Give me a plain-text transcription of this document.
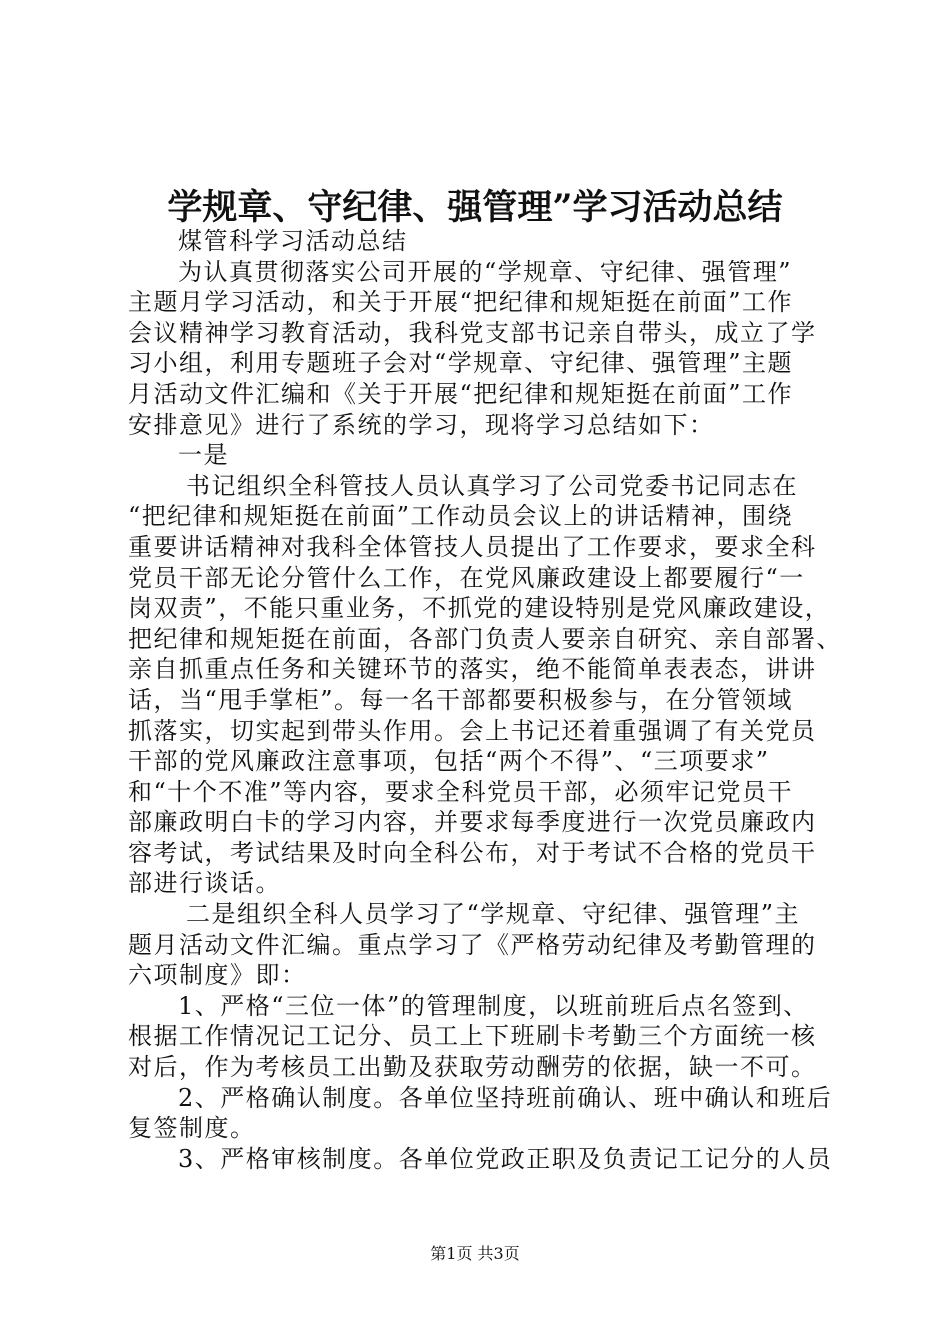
学规章、守纪律、强管理”学习活动总结
煤管科学习活动总结
为认真贯彻落实公司开展的“学规章、守纪律、强管理”
主题月学习活动，和关于开展“把纪律和规矩挺在前面”工作
会议精神学习教育活动，我科党支部书记亲自带头，成立了学
习小组，利用专题班子会对“学规章、守纪律、强管理”主题
月活动文件汇编和《关于开展“把纪律和规矩挺在前面”工作
安排意见》进行了系统的学习，现将学习总结如下：
一是
书记组织全科管技人员认真学习了公司党委书记同志在
“把纪律和规矩挺在前面”工作动员会议上的讲话精神，围绕
重要讲话精神对我科全体管技人员提出了工作要求，要求全科
党员干部无论分管什么工作，在党风廉政建设上都要履行“一
岗双责”，不能只重业务，不抓党的建设特别是党风廉政建设，
把纪律和规矩挺在前面，各部门负责人要亲自研究、亲自部署、
亲自抓重点任务和关键环节的落实，绝不能简单表表态，讲讲
话，当“甩手掌柜”。每一名干部都要积极参与，在分管领域
抓落实，切实起到带头作用。会上书记还着重强调了有关党员
干部的党风廉政注意事项，包括“两个不得”、“三项要求”
和“十个不准”等内容，要求全科党员干部，必须牢记党员干
部廉政明白卡的学习内容，并要求每季度进行一次党员廉政内
容考试，考试结果及时向全科公布，对于考试不合格的党员干
部进行谈话。
二是组织全科人员学习了“学规章、守纪律、强管理”主
题月活动文件汇编。重点学习了《严格劳动纪律及考勤管理的
六项制度》即：
1、严格“三位一体”的管理制度，以班前班后点名签到、
根据工作情况记工记分、员工上下班刷卡考勤三个方面统一核
对后，作为考核员工出勤及获取劳动酬劳的依据，缺一不可。
2、严格确认制度。各单位坚持班前确认、班中确认和班后
复签制度。
3、严格审核制度。各单位党政正职及负责记工记分的人员
第1页 共3页
